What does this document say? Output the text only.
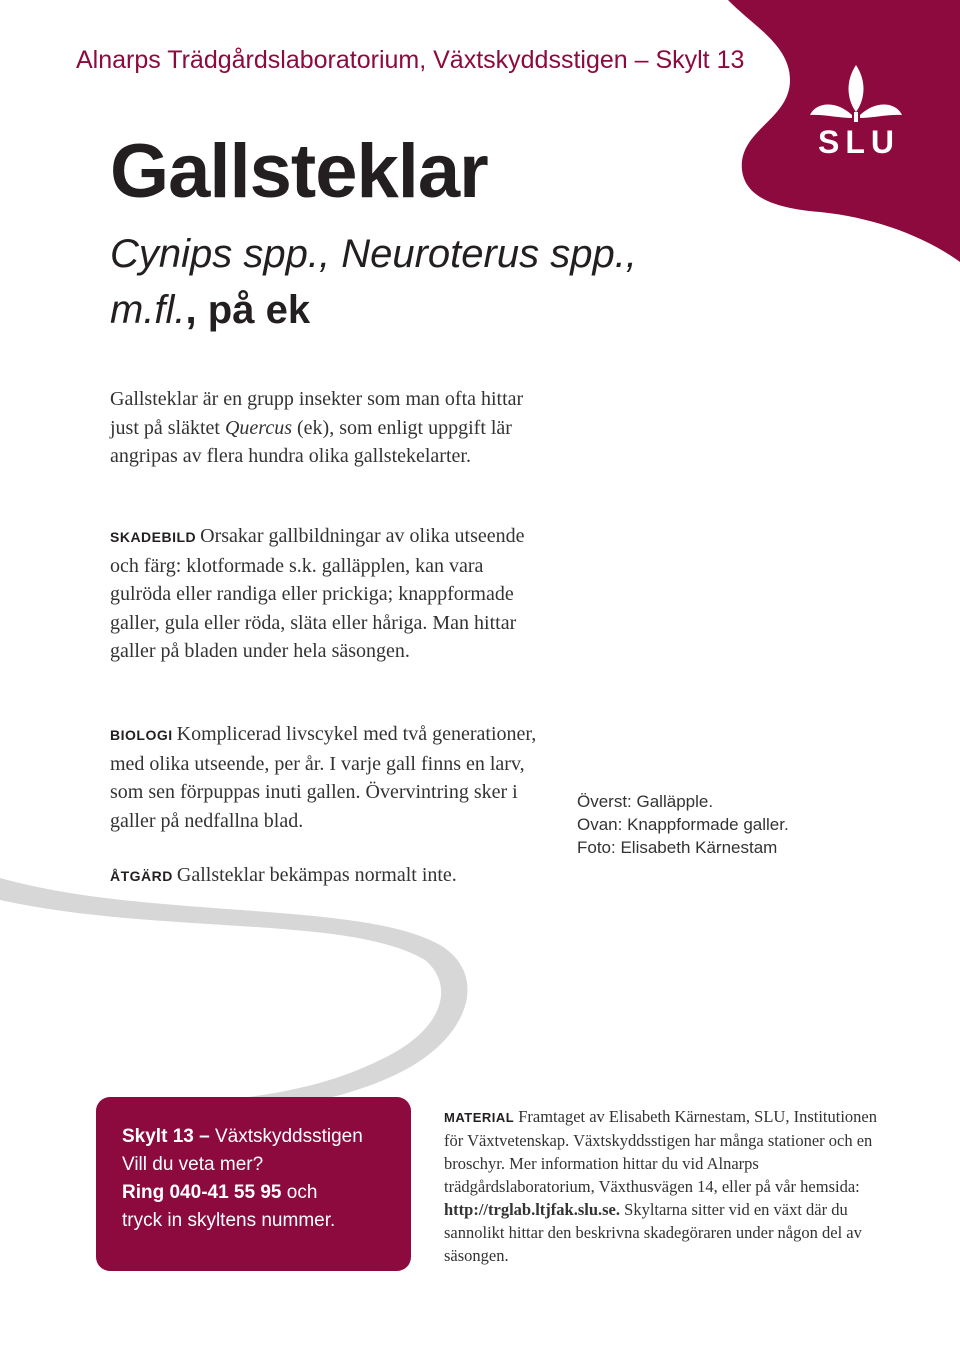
Alnarps Trädgårdslaboratorium, Växtskyddsstigen – Skylt 13
SLU
Gallsteklar

Cynips spp., Neuroterus spp., m.fl., på ek

Gallsteklar är en grupp insekter som man ofta hittar just på släktet Quercus (ek), som enligt uppgift lär angripas av flera hundra olika gallstekelarter.

SKADEBILD Orsakar gallbildningar av olika utseende och färg: klotformade s.k. galläpplen, kan vara gulröda eller randiga eller prickiga; knappformade galler, gula eller röda, släta eller håriga. Man hittar galler på bladen under hela säsongen.

BIOLOGI Komplicerad livscykel med två generationer, med olika utseende, per år. I varje gall finns en larv, som sen förpuppas inuti gallen. Övervintring sker i galler på nedfallna blad.

ÅTGÄRD Gallsteklar bekämpas normalt inte.

Överst: Galläpple.
Ovan: Knappformade galler.
Foto: Elisabeth Kärnestam
Skylt 13 – Växtskyddsstigen
Vill du veta mer?
Ring 040-41 55 95 och
tryck in skyltens nummer.
MATERIAL Framtaget av Elisabeth Kärnestam, SLU, Institutionen för Växtvetenskap. Växtskyddsstigen har många stationer och en broschyr. Mer information hittar du vid Alnarps trädgårdslaboratorium, Växthusvägen 14, eller på vår hemsida: http://trglab.ltjfak.slu.se. Skyltarna sitter vid en växt där du sannolikt hittar den beskrivna skadegöraren under någon del av säsongen.
